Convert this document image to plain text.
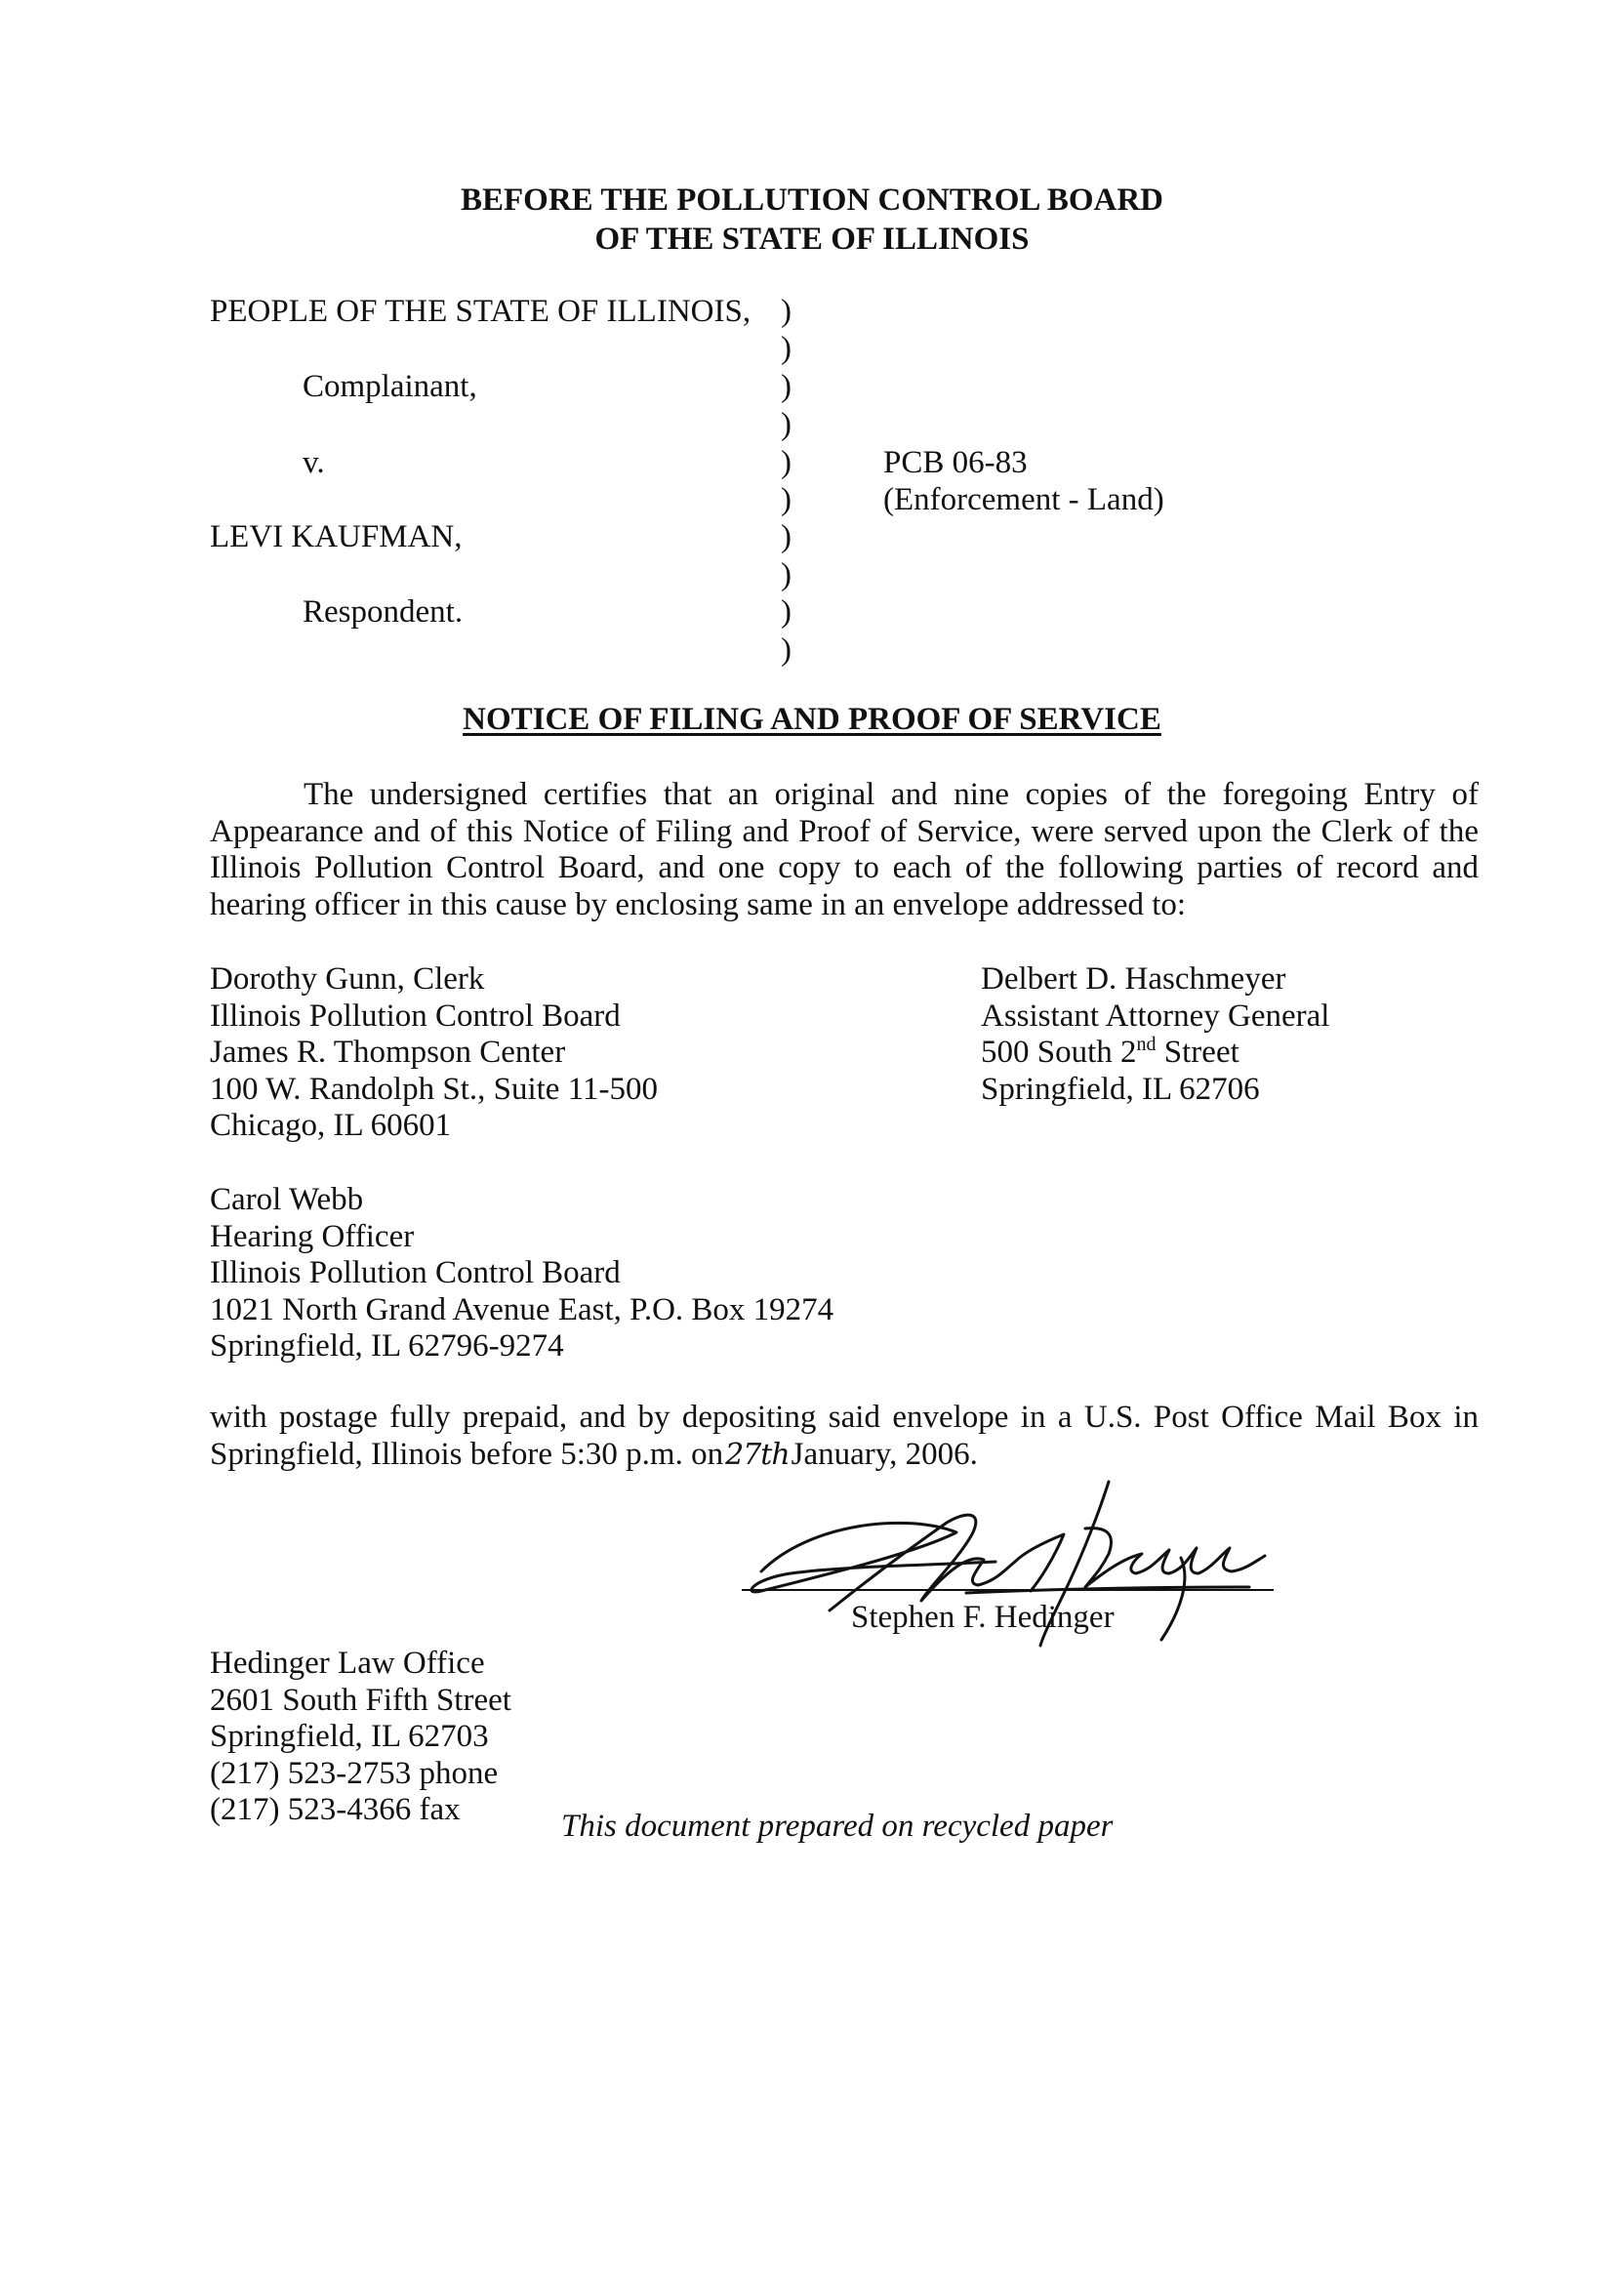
BEFORE THE POLLUTION CONTROL BOARD
OF THE STATE OF ILLINOIS
PEOPLE OF THE STATE OF ILLINOIS,
Complainant,
v.
LEVI KAUFMAN,
Respondent.
)
)
)
)
)
)
)
)
)
)
PCB 06-83
(Enforcement - Land)
NOTICE OF FILING AND PROOF OF SERVICE

The undersigned certifies that an original and nine copies of the foregoing Entry of Appearance and of this Notice of Filing and Proof of Service, were served upon the Clerk of the Illinois Pollution Control Board, and one copy to each of the following parties of record and hearing officer in this cause by enclosing same in an envelope addressed to:

Dorothy Gunn, Clerk
Illinois Pollution Control Board
James R. Thompson Center
100 W. Randolph St., Suite 11-500
Chicago, IL 60601
Delbert D. Haschmeyer
Assistant Attorney General
500 South 2nd Street
Springfield, IL 62706
Carol Webb
Hearing Officer
Illinois Pollution Control Board
1021 North Grand Avenue East, P.O. Box 19274
Springfield, IL 62796-9274
with postage fully prepaid, and by depositing said envelope in a U.S. Post Office Mail Box in
Springfield, Illinois before 5:30 p.m. on27thJanuary, 2006.
Stephen F. Hedinger
Hedinger Law Office
2601 South Fifth Street
Springfield, IL 62703
(217) 523-2753 phone
(217) 523-4366 fax	This document prepared on recycled paper
